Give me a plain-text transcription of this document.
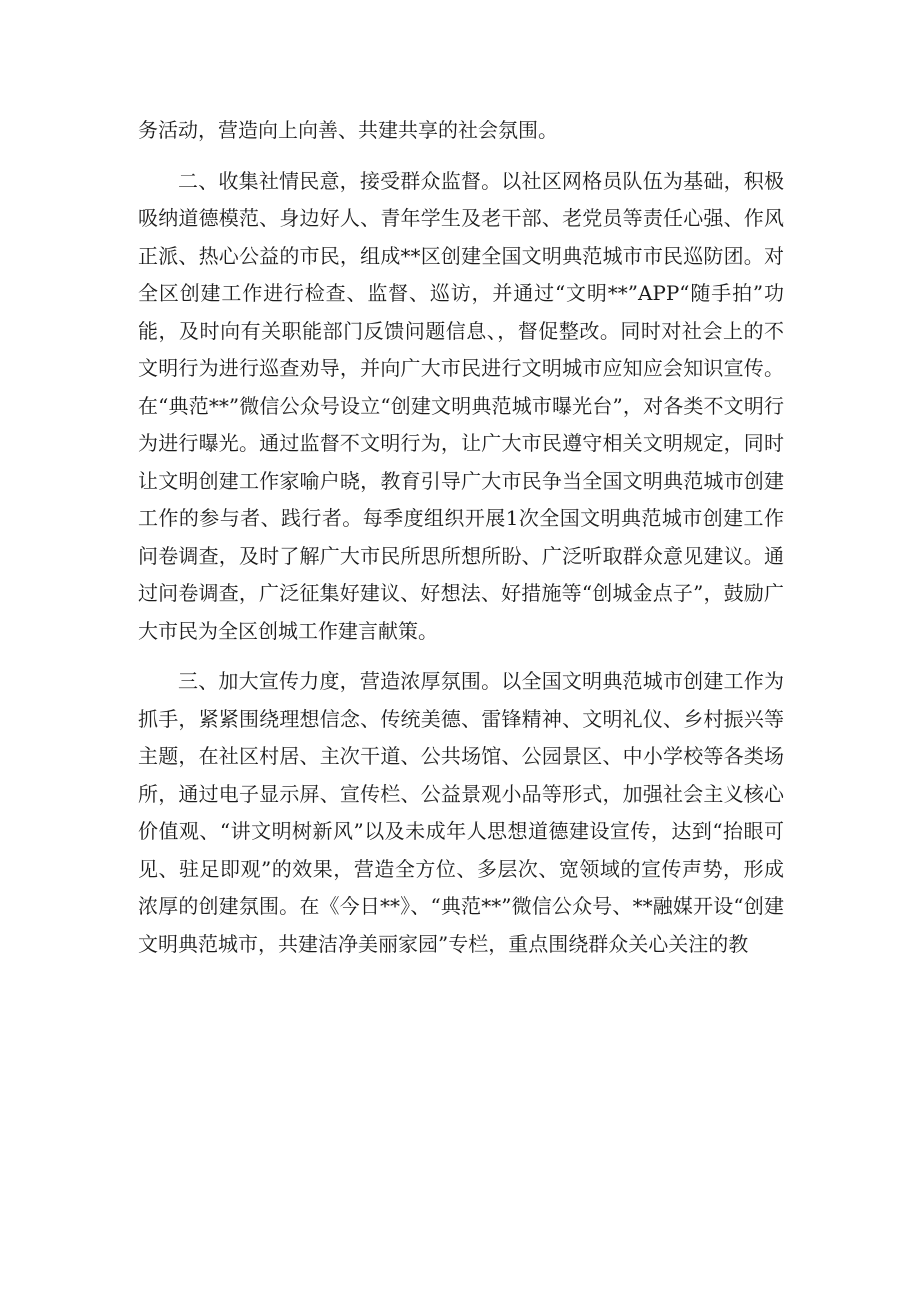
务活动，营造向上向善、共建共享的社会氛围。

二、收集社情民意，接受群众监督。以社区网格员队伍为基础，积极吸纳道德模范、身边好人、青年学生及老干部、老党员等责任心强、作风正派、热心公益的市民，组成**区创建全国文明典范城市市民巡防团。对全区创建工作进行检查、监督、巡访，并通过“文明**”APP“随手拍”功能，及时向有关职能部门反馈问题信息、，督促整改。同时对社会上的不文明行为进行巡查劝导，并向广大市民进行文明城市应知应会知识宣传。在“典范**”微信公众号设立“创建文明典范城市曝光台”，对各类不文明行为进行曝光。通过监督不文明行为，让广大市民遵守相关文明规定，同时让文明创建工作家喻户晓，教育引导广大市民争当全国文明典范城市创建工作的参与者、践行者。每季度组织开展1次全国文明典范城市创建工作问卷调查，及时了解广大市民所思所想所盼、广泛听取群众意见建议。通过问卷调查，广泛征集好建议、好想法、好措施等“创城金点子”，鼓励广大市民为全区创城工作建言献策。

三、加大宣传力度，营造浓厚氛围。以全国文明典范城市创建工作为抓手，紧紧围绕理想信念、传统美德、雷锋精神、文明礼仪、乡村振兴等主题，在社区村居、主次干道、公共场馆、公园景区、中小学校等各类场所，通过电子显示屏、宣传栏、公益景观小品等形式，加强社会主义核心价值观、“讲文明树新风”以及未成年人思想道德建设宣传，达到“抬眼可见、驻足即观”的效果，营造全方位、多层次、宽领域的宣传声势，形成浓厚的创建氛围。在《今日**》、“典范**”微信公众号、**融媒开设“创建文明典范城市，共建洁净美丽家园”专栏，重点围绕群众关心关注的教
